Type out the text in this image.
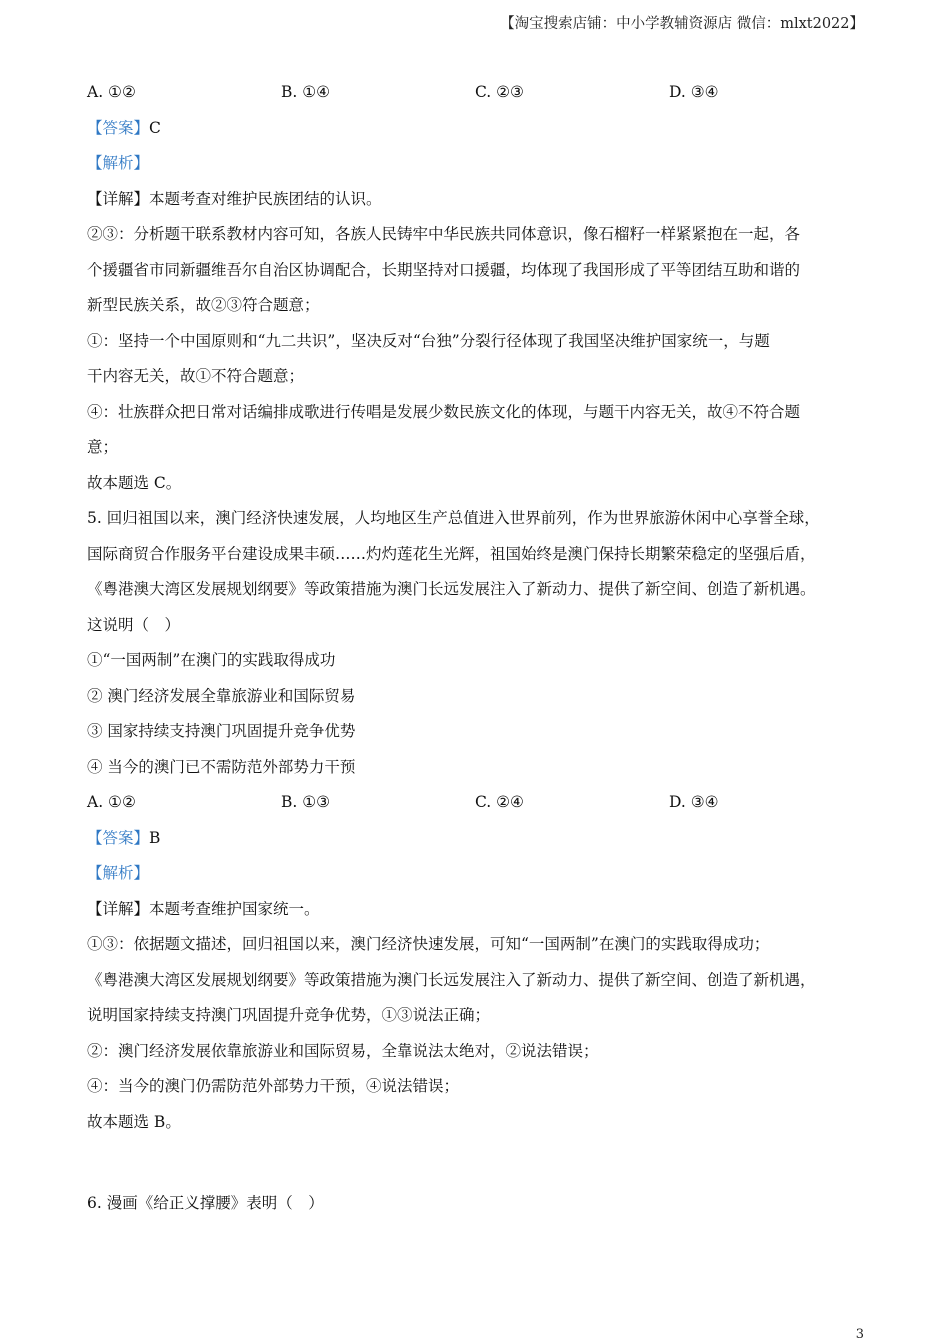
【淘宝搜索店铺：中小学教辅资源店 微信：mlxt2022】
A. ①②	B. ①④	C. ②③	D. ③④
【答案】C
【解析】
【详解】本题考查对维护民族团结的认识。
②③：分析题干联系教材内容可知，各族人民铸牢中华民族共同体意识，像石榴籽一样紧紧抱在一起，各
个援疆省市同新疆维吾尔自治区协调配合，长期坚持对口援疆，均体现了我国形成了平等团结互助和谐的
新型民族关系，故②③符合题意；
①：坚持一个中国原则和“九二共识”，坚决反对“台独”分裂行径体现了我国坚决维护国家统一，与题
干内容无关，故①不符合题意；
④：壮族群众把日常对话编排成歌进行传唱是发展少数民族文化的体现，与题干内容无关，故④不符合题
意；
故本题选 C。
5. 回归祖国以来，澳门经济快速发展，人均地区生产总值进入世界前列，作为世界旅游休闲中心享誉全球，
国际商贸合作服务平台建设成果丰硕……灼灼莲花生光辉，祖国始终是澳门保持长期繁荣稳定的坚强后盾，
《粤港澳大湾区发展规划纲要》等政策措施为澳门长远发展注入了新动力、提供了新空间、创造了新机遇。
这说明（　）
①“一国两制”在澳门的实践取得成功
② 澳门经济发展全靠旅游业和国际贸易
③ 国家持续支持澳门巩固提升竞争优势
④ 当今的澳门已不需防范外部势力干预
A. ①②	B. ①③	C. ②④	D. ③④
【答案】B
【解析】
【详解】本题考查维护国家统一。
①③：依据题文描述，回归祖国以来，澳门经济快速发展，可知“一国两制”在澳门的实践取得成功；
《粤港澳大湾区发展规划纲要》等政策措施为澳门长远发展注入了新动力、提供了新空间、创造了新机遇，
说明国家持续支持澳门巩固提升竞争优势，①③说法正确；
②：澳门经济发展依靠旅游业和国际贸易，全靠说法太绝对，②说法错误；
④：当今的澳门仍需防范外部势力干预，④说法错误；
故本题选 B。
6. 漫画《给正义撑腰》表明（　）
3
